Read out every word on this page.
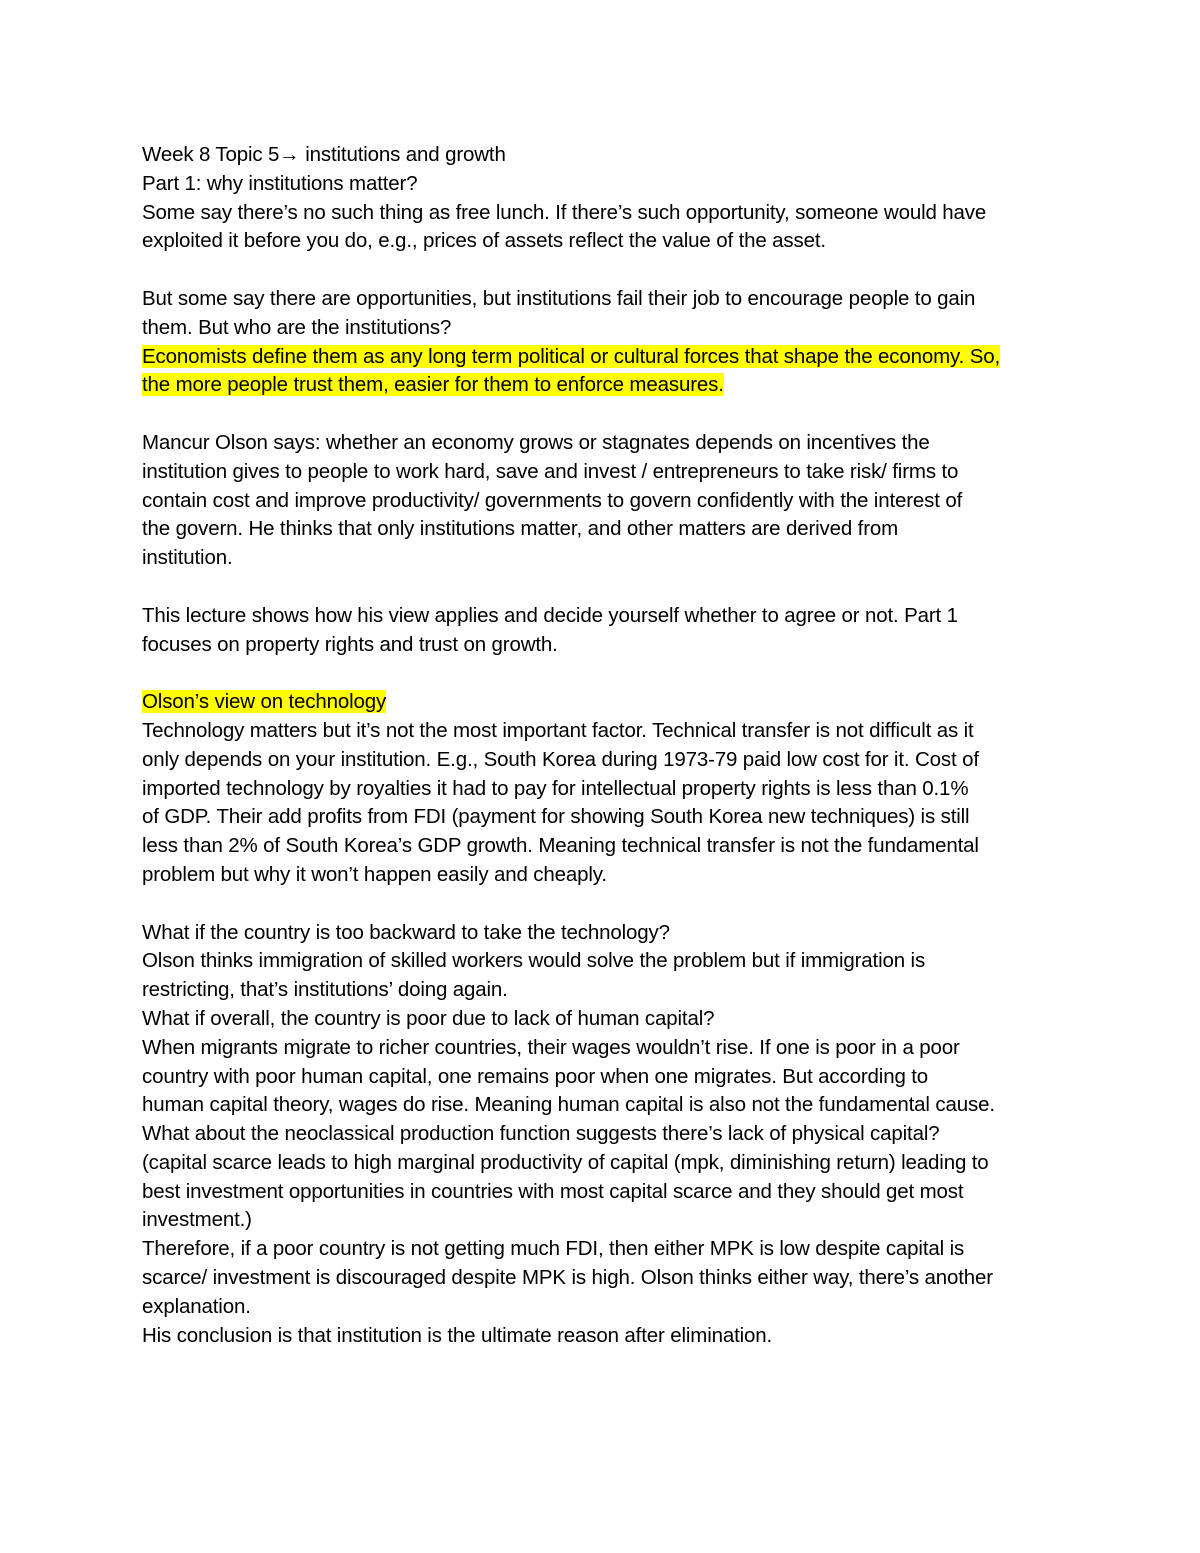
Week 8 Topic 5→ institutions and growth
Part 1: why institutions matter?
Some say there’s no such thing as free lunch. If there’s such opportunity, someone would have
exploited it before you do, e.g., prices of assets reflect the value of the asset.
But some say there are opportunities, but institutions fail their job to encourage people to gain
them. But who are the institutions?
Economists define them as any long term political or cultural forces that shape the economy. So,
the more people trust them, easier for them to enforce measures.
Mancur Olson says: whether an economy grows or stagnates depends on incentives the
institution gives to people to work hard, save and invest / entrepreneurs to take risk/ firms to
contain cost and improve productivity/ governments to govern confidently with the interest of
the govern. He thinks that only institutions matter, and other matters are derived from
institution.
This lecture shows how his view applies and decide yourself whether to agree or not. Part 1
focuses on property rights and trust on growth.
Olson’s view on technology
Technology matters but it’s not the most important factor. Technical transfer is not difficult as it
only depends on your institution. E.g., South Korea during 1973-79 paid low cost for it. Cost of
imported technology by royalties it had to pay for intellectual property rights is less than 0.1%
of GDP. Their add profits from FDI (payment for showing South Korea new techniques) is still
less than 2% of South Korea’s GDP growth. Meaning technical transfer is not the fundamental
problem but why it won’t happen easily and cheaply.
What if the country is too backward to take the technology?
Olson thinks immigration of skilled workers would solve the problem but if immigration is
restricting, that’s institutions’ doing again.
What if overall, the country is poor due to lack of human capital?
When migrants migrate to richer countries, their wages wouldn’t rise. If one is poor in a poor
country with poor human capital, one remains poor when one migrates. But according to
human capital theory, wages do rise. Meaning human capital is also not the fundamental cause.
What about the neoclassical production function suggests there’s lack of physical capital?
(capital scarce leads to high marginal productivity of capital (mpk, diminishing return) leading to
best investment opportunities in countries with most capital scarce and they should get most
investment.)
Therefore, if a poor country is not getting much FDI, then either MPK is low despite capital is
scarce/ investment is discouraged despite MPK is high. Olson thinks either way, there’s another
explanation.
His conclusion is that institution is the ultimate reason after elimination.
